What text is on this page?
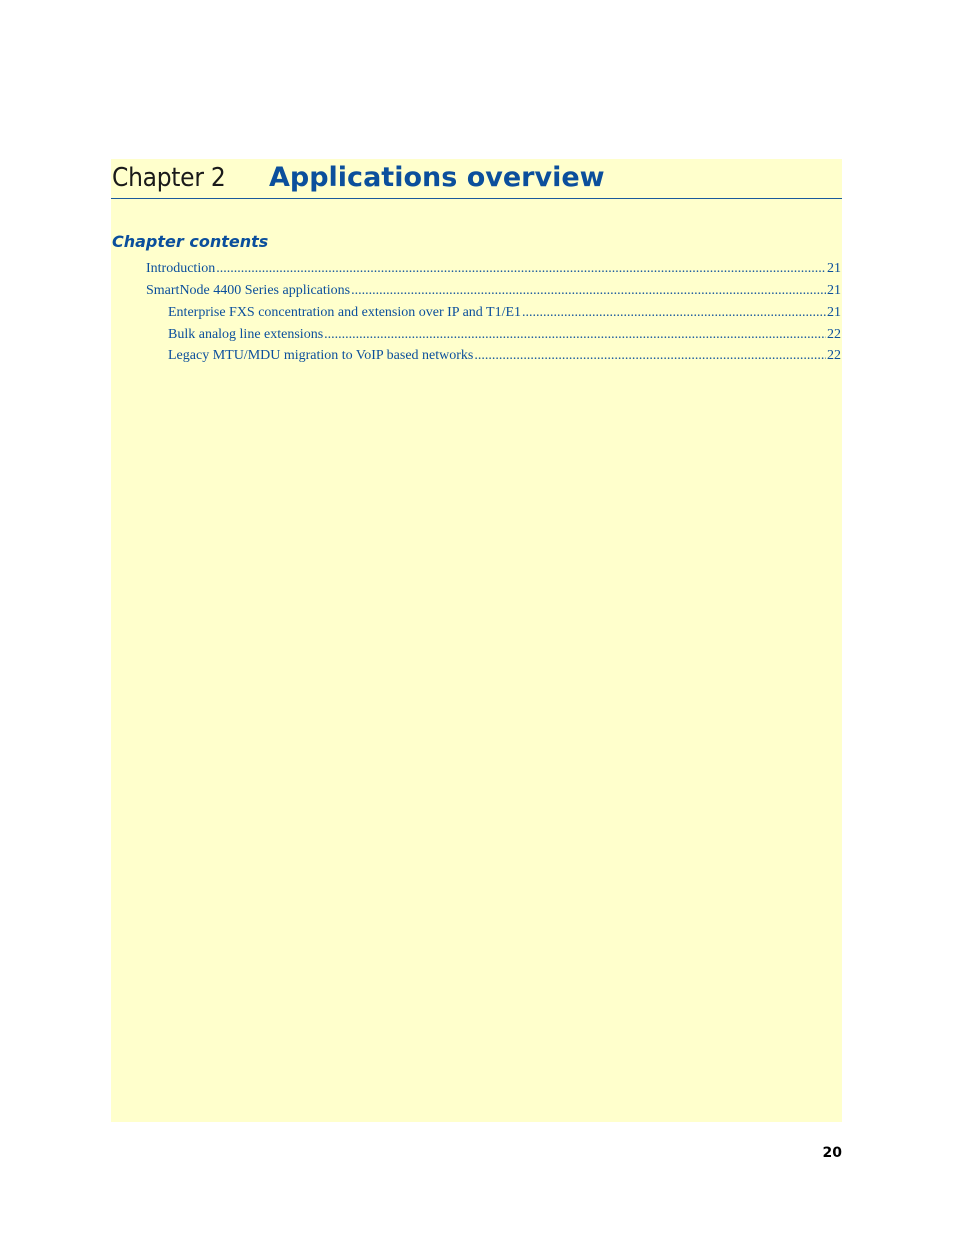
Chapter 2 Applications overview
Chapter contents
Introduction .....	21
SmartNode 4400 Series applications .....	21
Enterprise FXS concentration and extension over IP and T1/E1 .....	21
Bulk analog line extensions .....	22
Legacy MTU/MDU migration to VoIP based networks .....	22
20
